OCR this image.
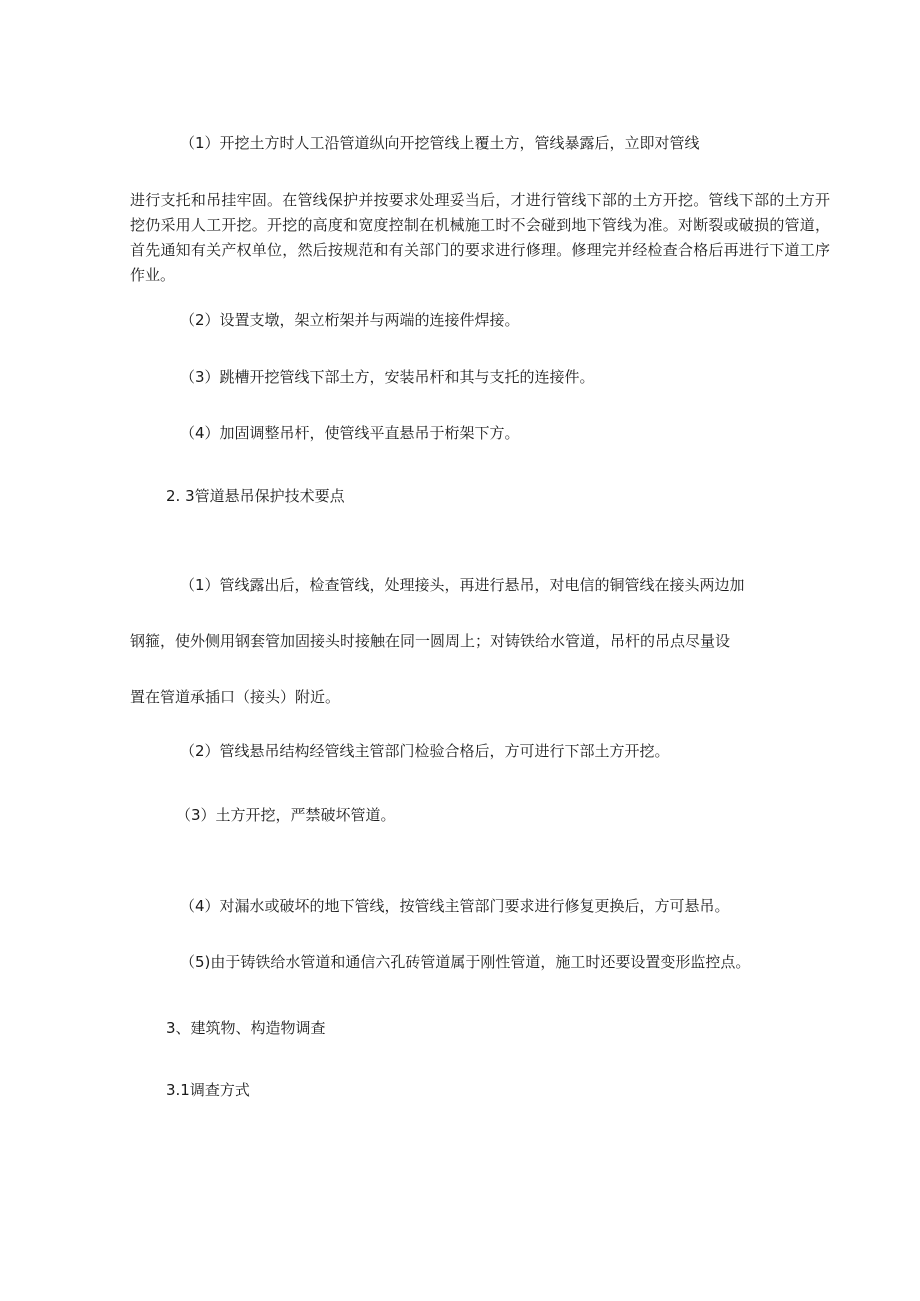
（1）开挖土方时人工沿管道纵向开挖管线上覆土方，管线暴露后，立即对管线

进行支托和吊挂牢固。在管线保护并按要求处理妥当后，才进行管线下部的土方开挖。管线下部的土方开挖仍采用人工开挖。开挖的高度和宽度控制在机械施工时不会碰到地下管线为准。对断裂或破损的管道，首先通知有关产权单位，然后按规范和有关部门的要求进行修理。修理完并经检查合格后再进行下道工序作业。

（2）设置支墩，架立桁架并与两端的连接件焊接。

（3）跳槽开挖管线下部土方，安装吊杆和其与支托的连接件。

（4）加固调整吊杆，使管线平直悬吊于桁架下方。

2. 3管道悬吊保护技术要点

（1）管线露出后，检查管线，处理接头，再进行悬吊，对电信的铜管线在接头两边加

钢箍，使外侧用钢套管加固接头时接触在同一圆周上；对铸铁给水管道，吊杆的吊点尽量设

置在管道承插口（接头）附近。

（2）管线悬吊结构经管线主管部门检验合格后，方可进行下部土方开挖。

（3）土方开挖，严禁破坏管道。

（4）对漏水或破坏的地下管线，按管线主管部门要求进行修复更换后，方可悬吊。

（5)由于铸铁给水管道和通信六孔砖管道属于刚性管道，施工时还要设置变形监控点。

3、建筑物、构造物调查
3.1调查方式
